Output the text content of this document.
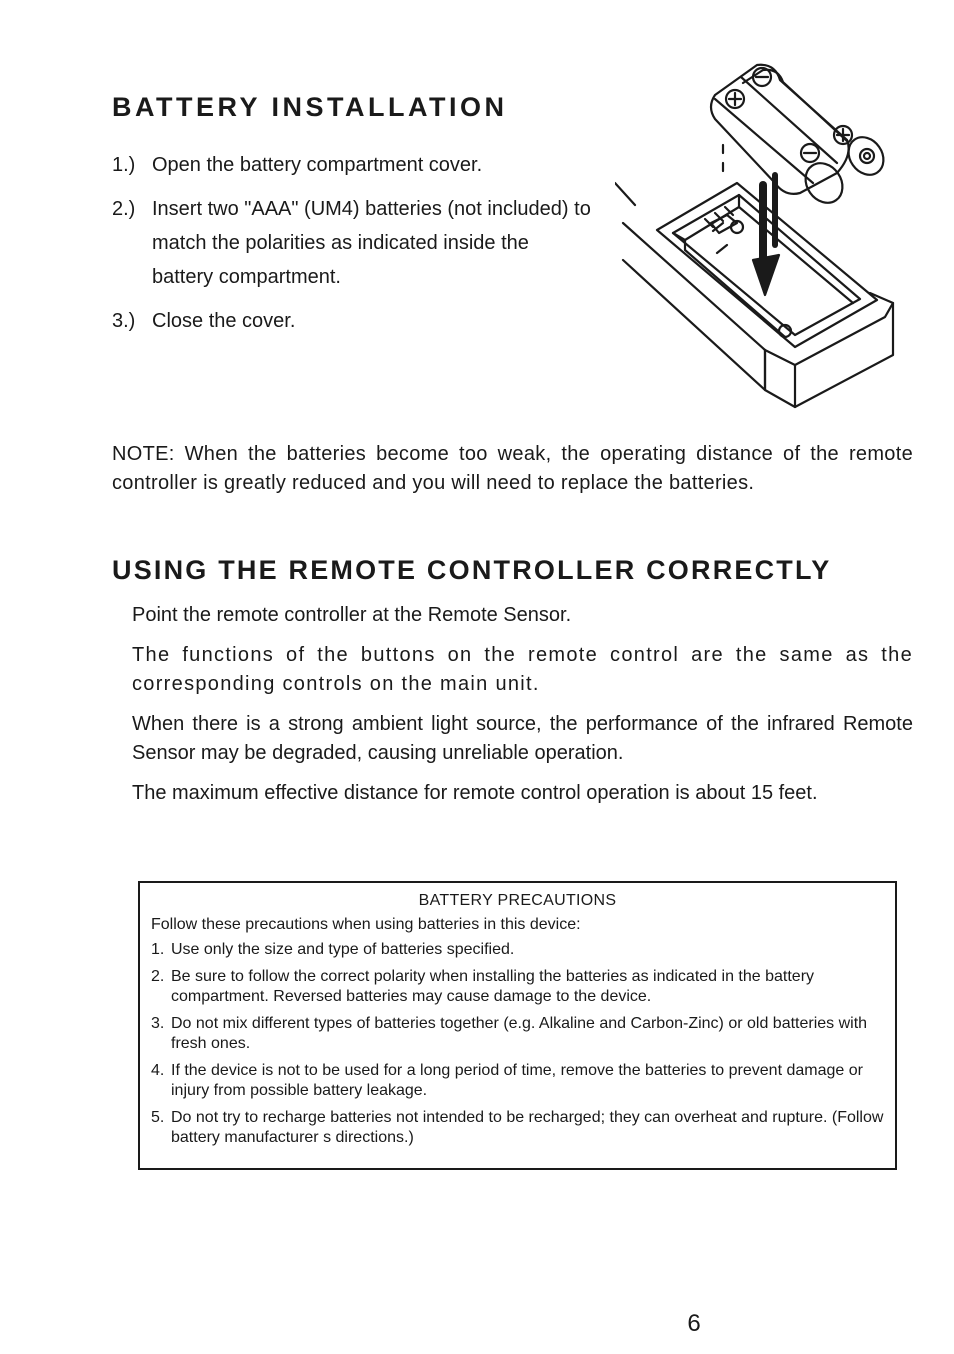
BATTERY INSTALLATION
1.) Open the battery compartment cover.
2.) Insert two "AAA" (UM4) batteries (not included) to match the polarities as indicated inside the battery compartment.
3.) Close the cover.

NOTE: When the batteries become too weak, the operating distance of the remote controller is greatly reduced and you will need to replace the batteries.

USING THE REMOTE CONTROLLER CORRECTLY

Point the remote controller at the Remote Sensor.

The functions of the buttons on the remote control are the same as the corresponding controls on the main unit.

When there is a strong ambient light source, the performance of the infrared Remote Sensor may be degraded, causing unreliable operation.

The maximum effective distance for remote control operation is about 15 feet.

BATTERY PRECAUTIONS
Follow these precautions when using batteries in this device:
1. Use only the size and type of batteries specified.
2. Be sure to follow the correct polarity when installing the batteries as indicated in the battery compartment. Reversed batteries may cause damage to the device.
3. Do not mix different types of batteries together (e.g. Alkaline and Carbon-Zinc) or old batteries with fresh ones.
4. If the device is not to be used for a long period of time, remove the batteries to prevent damage or injury from possible battery leakage.
5. Do not try to recharge batteries not intended to be recharged; they can overheat and rupture. (Follow battery manufacturer s directions.)
6
